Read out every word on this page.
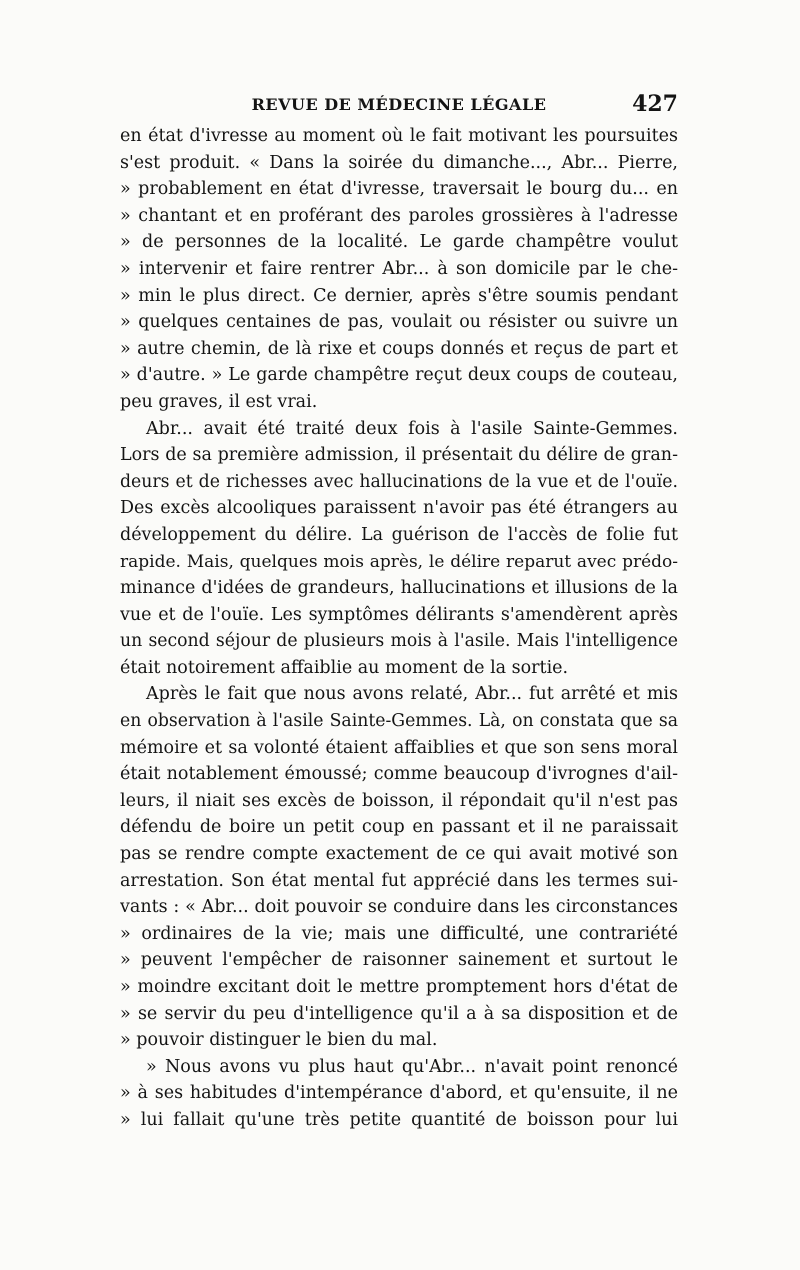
REVUE DE MÉDECINE LÉGALE	427
en état d'ivresse au moment où le fait motivant les poursuites
s'est produit. « Dans la soirée du dimanche..., Abr... Pierre,
» probablement en état d'ivresse, traversait le bourg du... en
» chantant et en proférant des paroles grossières à l'adresse
» de personnes de la localité. Le garde champêtre voulut
» intervenir et faire rentrer Abr... à son domicile par le che-
» min le plus direct. Ce dernier, après s'être soumis pendant
» quelques centaines de pas, voulait ou résister ou suivre un
» autre chemin, de là rixe et coups donnés et reçus de part et
» d'autre. » Le garde champêtre reçut deux coups de couteau,
peu graves, il est vrai.
Abr... avait été traité deux fois à l'asile Sainte-Gemmes.
Lors de sa première admission, il présentait du délire de gran-
deurs et de richesses avec hallucinations de la vue et de l'ouïe.
Des excès alcooliques paraissent n'avoir pas été étrangers au
développement du délire. La guérison de l'accès de folie fut
rapide. Mais, quelques mois après, le délire reparut avec prédo-
minance d'idées de grandeurs, hallucinations et illusions de la
vue et de l'ouïe. Les symptômes délirants s'amendèrent après
un second séjour de plusieurs mois à l'asile. Mais l'intelligence
était notoirement affaiblie au moment de la sortie.
Après le fait que nous avons relaté, Abr... fut arrêté et mis
en observation à l'asile Sainte-Gemmes. Là, on constata que sa
mémoire et sa volonté étaient affaiblies et que son sens moral
était notablement émoussé; comme beaucoup d'ivrognes d'ail-
leurs, il niait ses excès de boisson, il répondait qu'il n'est pas
défendu de boire un petit coup en passant et il ne paraissait
pas se rendre compte exactement de ce qui avait motivé son
arrestation. Son état mental fut apprécié dans les termes sui-
vants : « Abr... doit pouvoir se conduire dans les circonstances
» ordinaires de la vie; mais une difficulté, une contrariété
» peuvent l'empêcher de raisonner sainement et surtout le
» moindre excitant doit le mettre promptement hors d'état de
» se servir du peu d'intelligence qu'il a à sa disposition et de
» pouvoir distinguer le bien du mal.
» Nous avons vu plus haut qu'Abr... n'avait point renoncé
» à ses habitudes d'intempérance d'abord, et qu'ensuite, il ne
» lui fallait qu'une très petite quantité de boisson pour lui
